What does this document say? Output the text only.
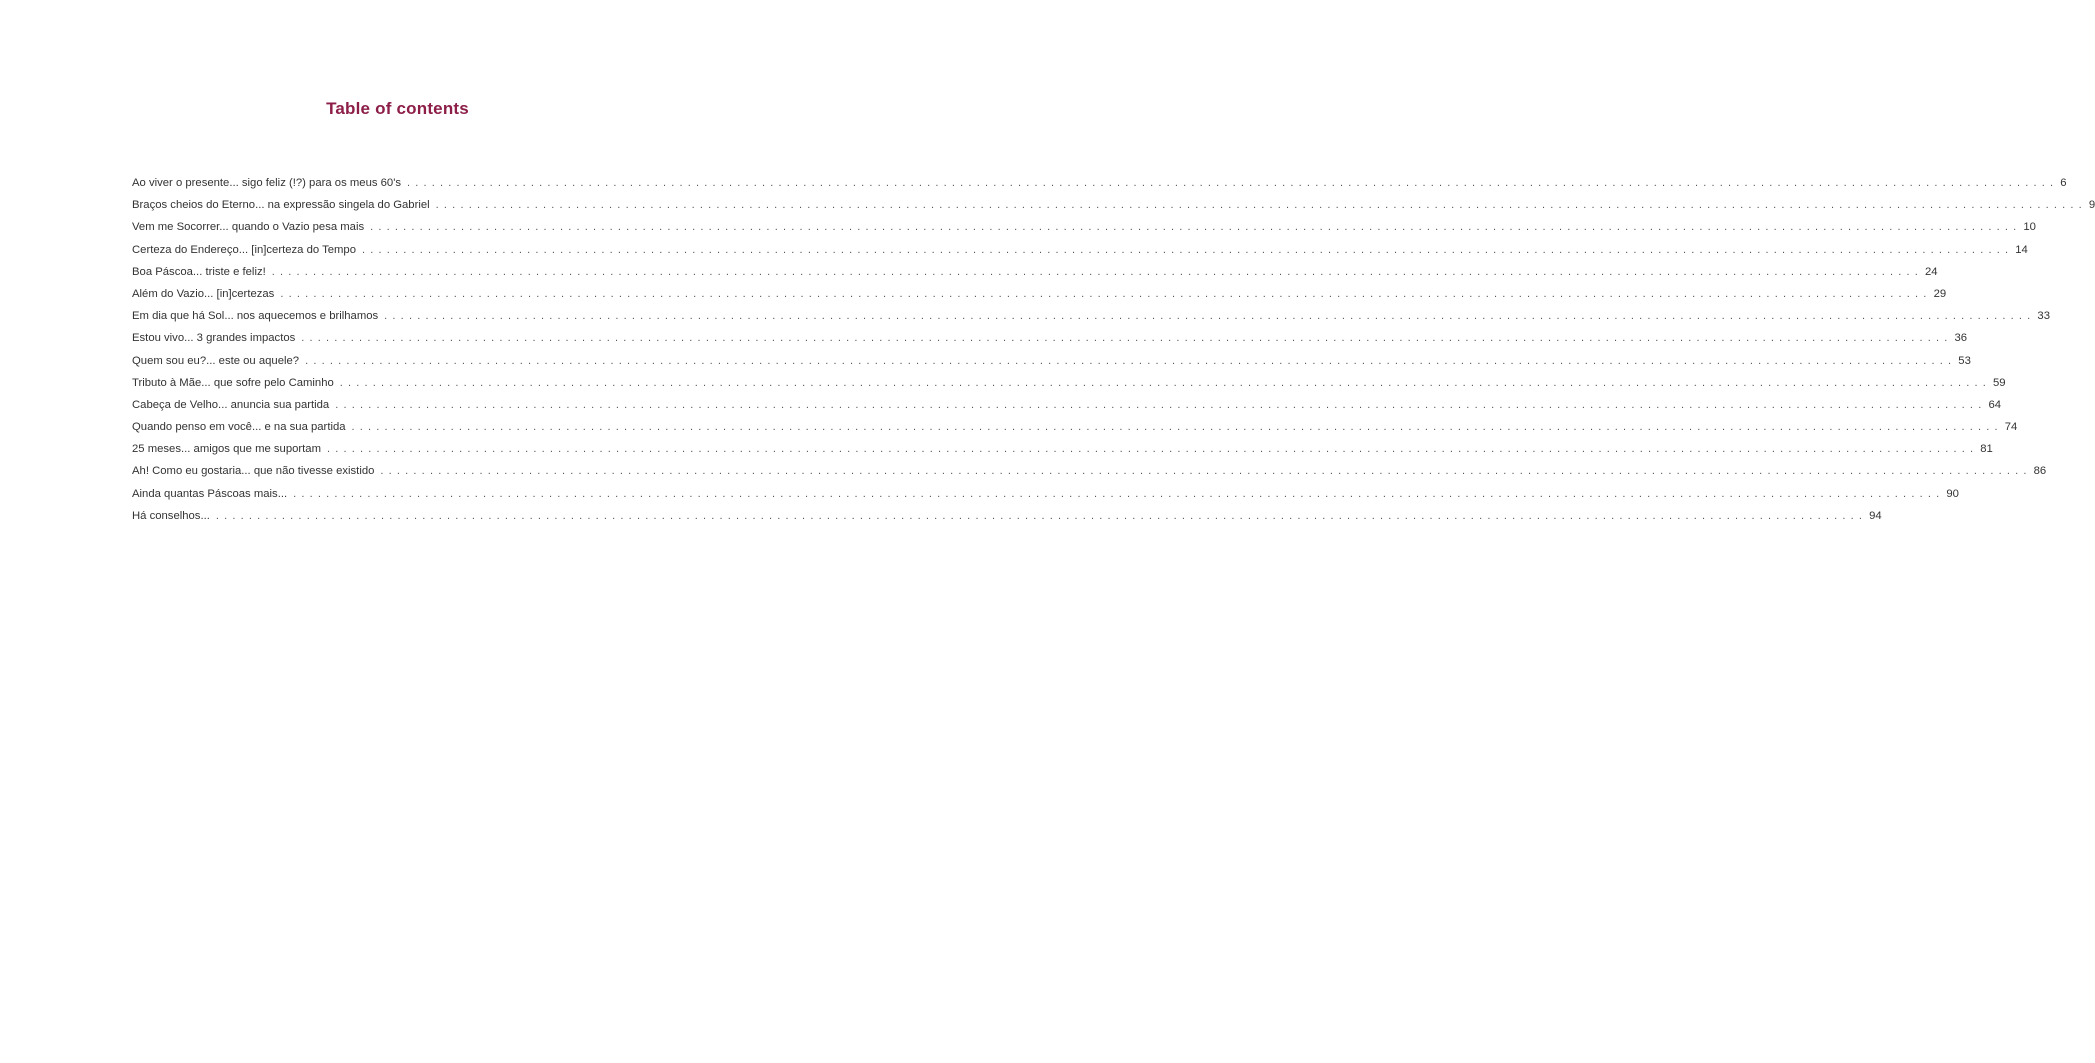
Table of contents
Ao viver o presente... sigo feliz (!?) para os meus 60's ........................................................................................................................................................................................................ 6
Braços cheios do Eterno... na expressão singela do Gabriel ........................................................................................................................................................................................................ 9
Vem me Socorrer... quando o Vazio pesa mais ........................................................................................................................................................................................................ 10
Certeza do Endereço... [in]certeza do Tempo ........................................................................................................................................................................................................ 14
Boa Páscoa... triste e feliz! ........................................................................................................................................................................................................ 24
Além do Vazio... [in]certezas ........................................................................................................................................................................................................ 29
Em dia que há Sol... nos aquecemos e brilhamos ........................................................................................................................................................................................................ 33
Estou vivo... 3 grandes impactos ........................................................................................................................................................................................................ 36
Quem sou eu?... este ou aquele? ........................................................................................................................................................................................................ 53
Tributo à Mãe... que sofre pelo Caminho ........................................................................................................................................................................................................ 59
Cabeça de Velho... anuncia sua partida ........................................................................................................................................................................................................ 64
Quando penso em você... e na sua partida ........................................................................................................................................................................................................ 74
25 meses... amigos que me suportam ........................................................................................................................................................................................................ 81
Ah! Como eu gostaria... que não tivesse existido ........................................................................................................................................................................................................ 86
Ainda quantas Páscoas mais... ........................................................................................................................................................................................................ 90
Há conselhos... ........................................................................................................................................................................................................ 94
